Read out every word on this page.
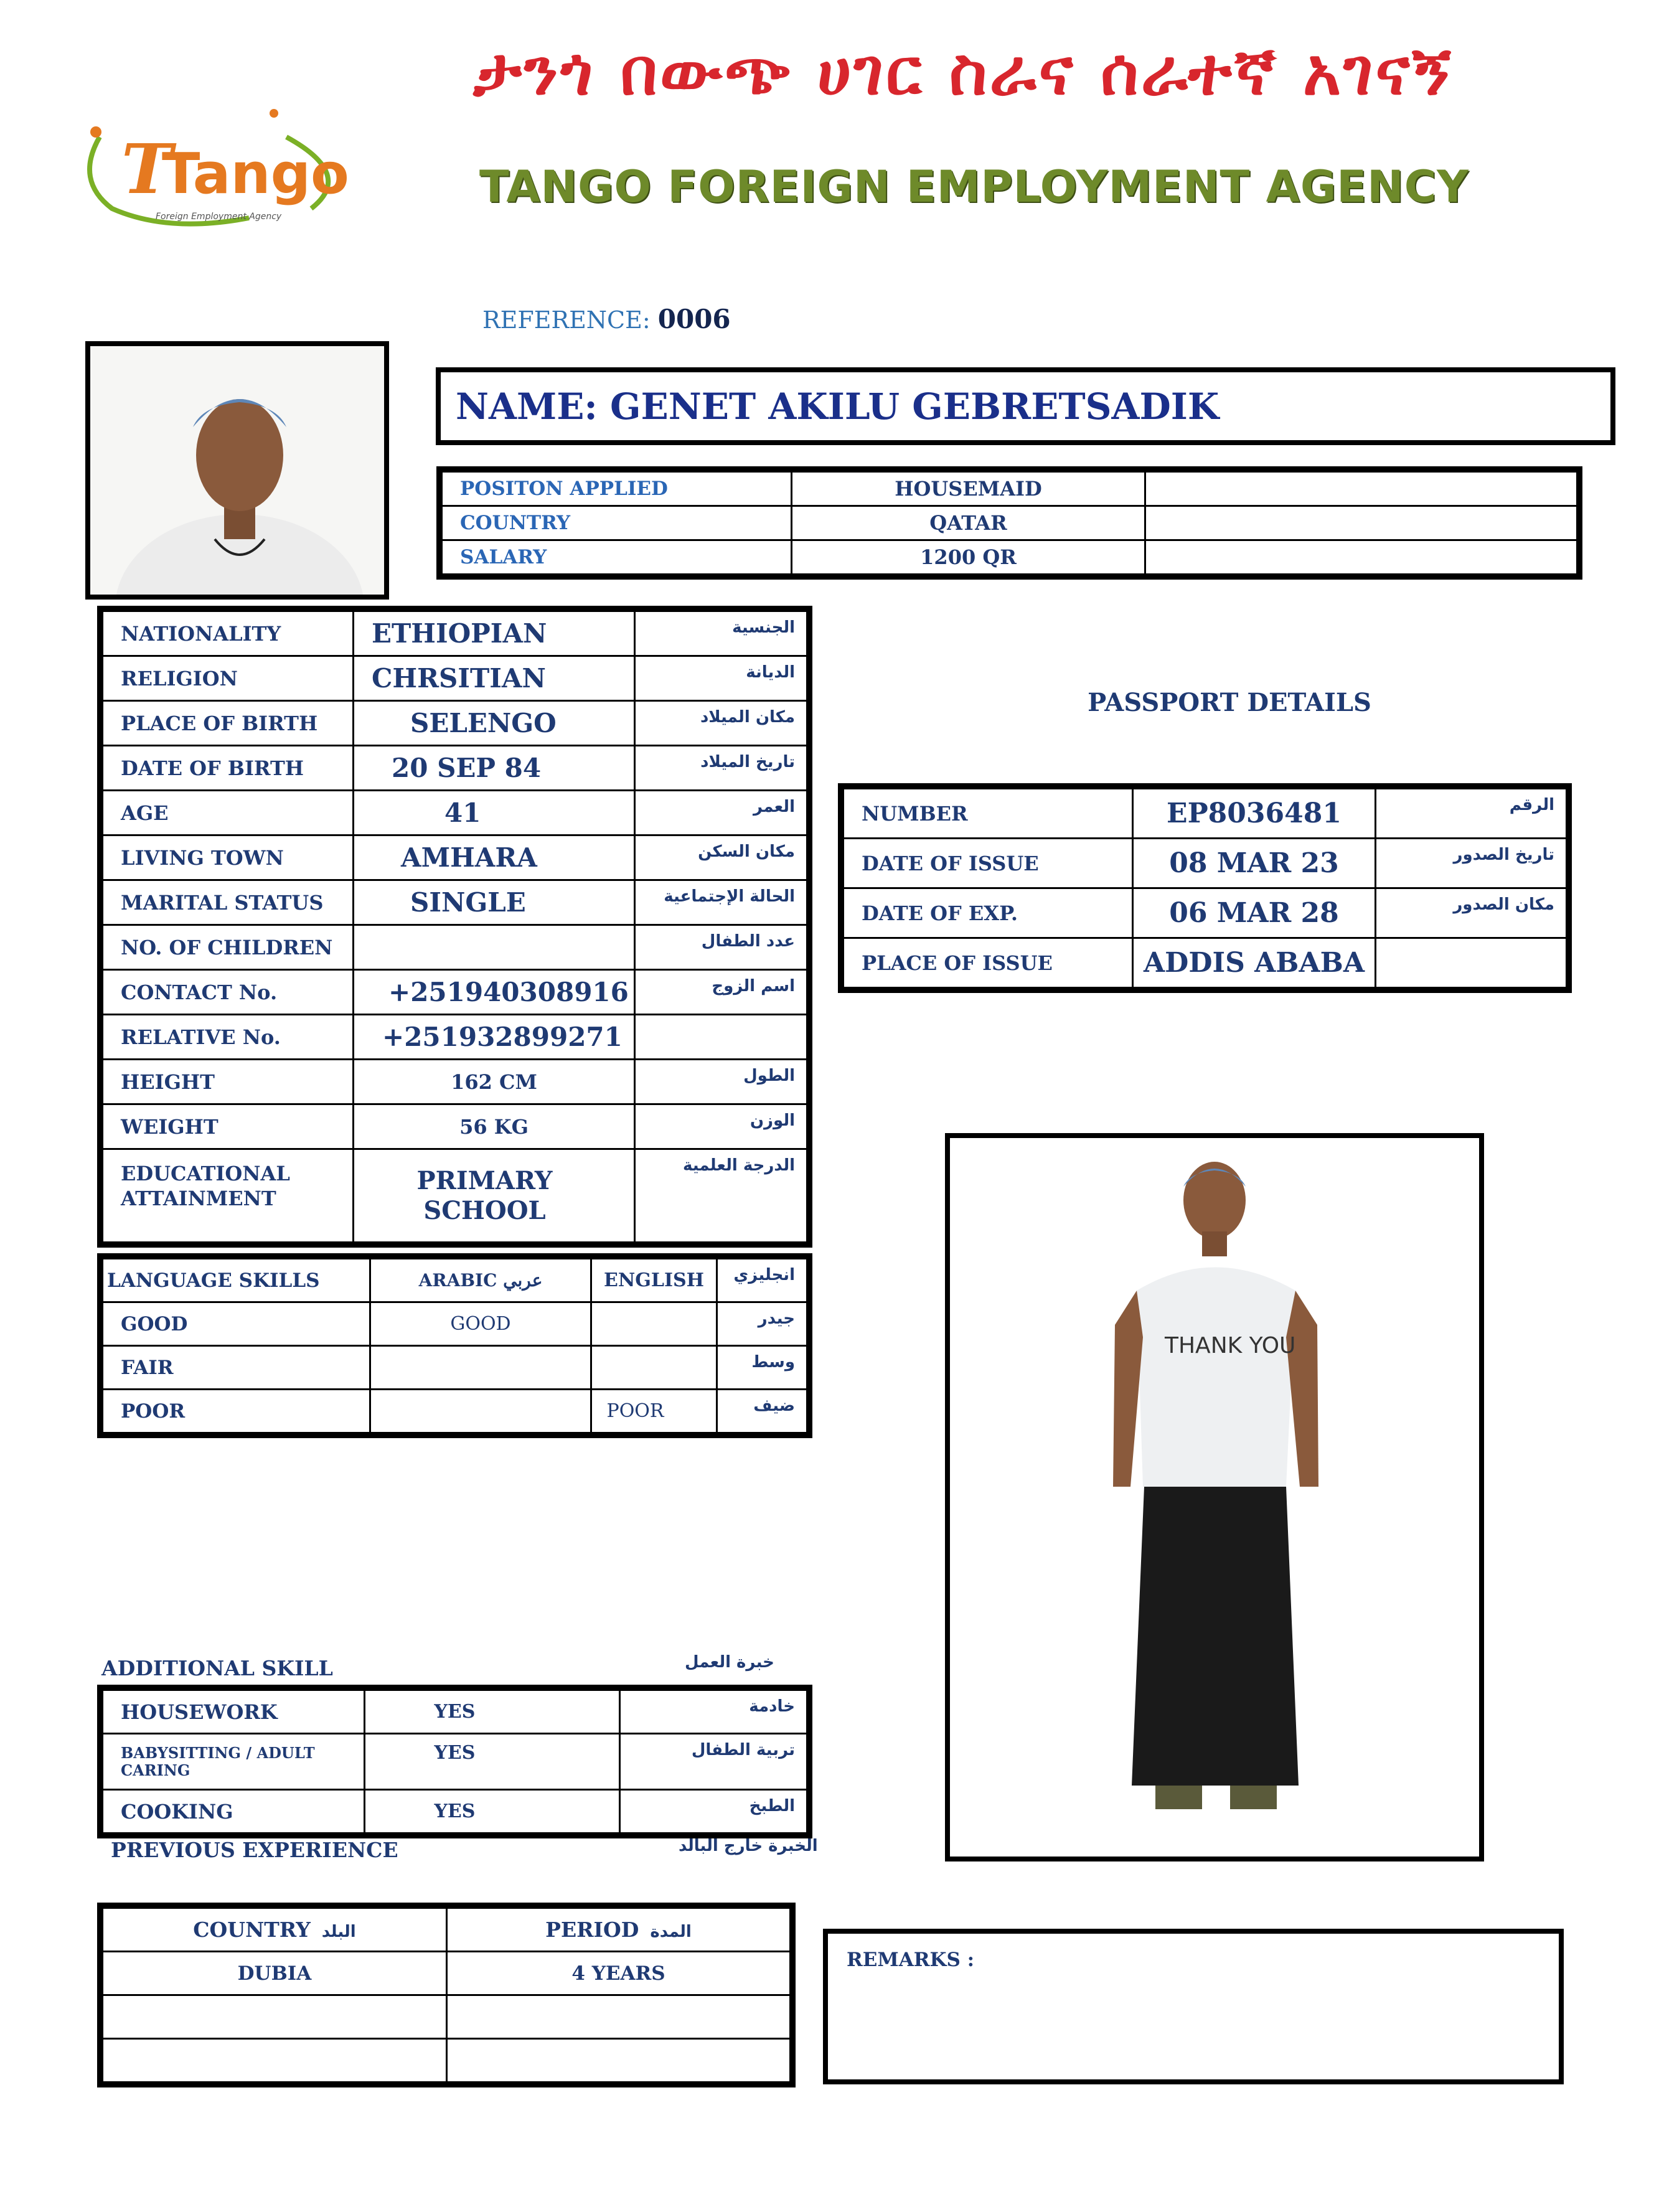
T
Tango
Foreign Employment Agency
ታንጎ በውጭ ሀገር ስራና ሰራተኛ አገናኝ
TANGO FOREIGN EMPLOYMENT AGENCY
REFERENCE: 0006
NAME: GENET AKILU GEBRETSADIK
POSITON APPLIED	HOUSEMAID	
COUNTRY	QATAR	
SALARY	1200 QR	
NATIONALITY	ETHIOPIAN	الجنسية
RELIGION	CHRSITIAN	الديانة
PLACE OF BIRTH	SELENGO	مكان الميلاد
DATE OF BIRTH	20 SEP 84	تاريخ الميلاد
AGE	41	العمر
LIVING TOWN	AMHARA	مكان السكن
MARITAL STATUS	SINGLE	الحالة الإجتماعية
NO. OF CHILDREN		عدد الطفال
CONTACT No.	+251940308916	اسم الزوج
RELATIVE No.	+251932899271	
HEIGHT	162 CM	الطول
WEIGHT	56 KG	الوزن
EDUCATIONAL ATTAINMENT	PRIMARY SCHOOL	الدرجة العلمية
PASSPORT DETAILS
NUMBER	EP8036481	الرقم
DATE OF ISSUE	08 MAR 23	تاريخ الصدور
DATE OF EXP.	06 MAR 28	مكان الصدور
PLACE OF ISSUE	ADDIS ABABA	
LANGUAGE SKILLS	ARABIC عربي	ENGLISH	انجليزي
GOOD	GOOD		جيدر
FAIR			وسط
POOR		POOR	ضيف
THANK YOU
ADDITIONAL SKILL	خبرة العمل
HOUSEWORK	YES	خادمة
BABYSITTING / ADULT CARING	YES	تربية الطفال
COOKING	YES	الطبخ
PREVIOUS EXPERIENCE	الخبرة خارج البالد
COUNTRY البلد	PERIOD المدة
DUBIA	4 YEARS

REMARKS :
